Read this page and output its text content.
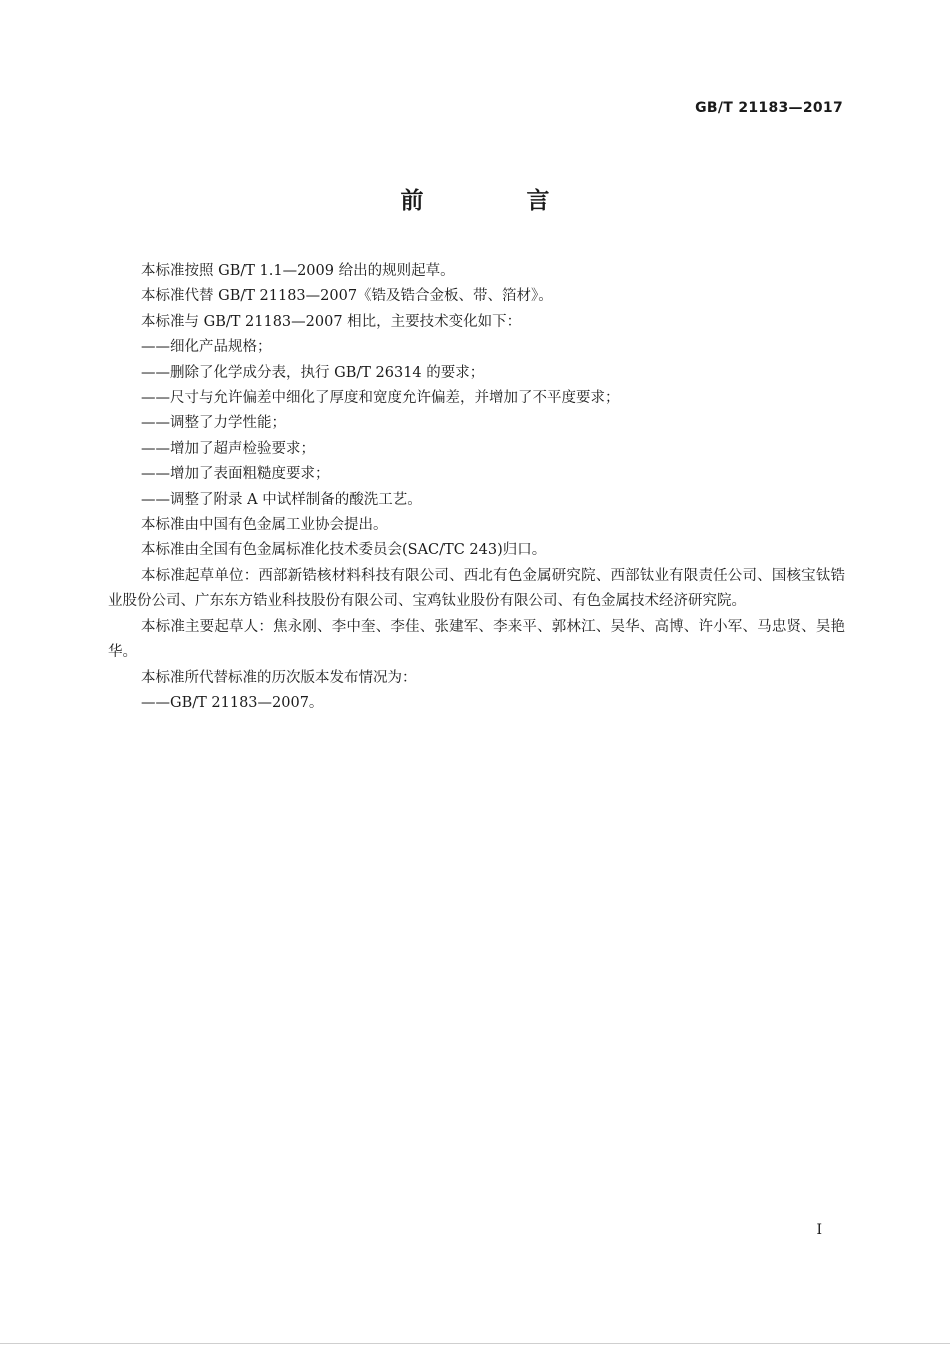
GB/T 21183—2017
前　言

本标准按照 GB/T 1.1—2009 给出的规则起草。

本标准代替 GB/T 21183—2007《锆及锆合金板、带、箔材》。

本标准与 GB/T 21183—2007 相比，主要技术变化如下：

——细化产品规格；

——删除了化学成分表，执行 GB/T 26314 的要求；

——尺寸与允许偏差中细化了厚度和宽度允许偏差，并增加了不平度要求；

——调整了力学性能；

——增加了超声检验要求；

——增加了表面粗糙度要求；

——调整了附录 A 中试样制备的酸洗工艺。

本标准由中国有色金属工业协会提出。

本标准由全国有色金属标准化技术委员会(SAC/TC 243)归口。

本标准起草单位：西部新锆核材料科技有限公司、西北有色金属研究院、西部钛业有限责任公司、国核宝钛锆业股份公司、广东东方锆业科技股份有限公司、宝鸡钛业股份有限公司、有色金属技术经济研究院。

本标准主要起草人：焦永刚、李中奎、李佳、张建军、李来平、郭林江、吴华、高博、许小军、马忠贤、吴艳华。

本标准所代替标准的历次版本发布情况为：

——GB/T 21183—2007。

I
